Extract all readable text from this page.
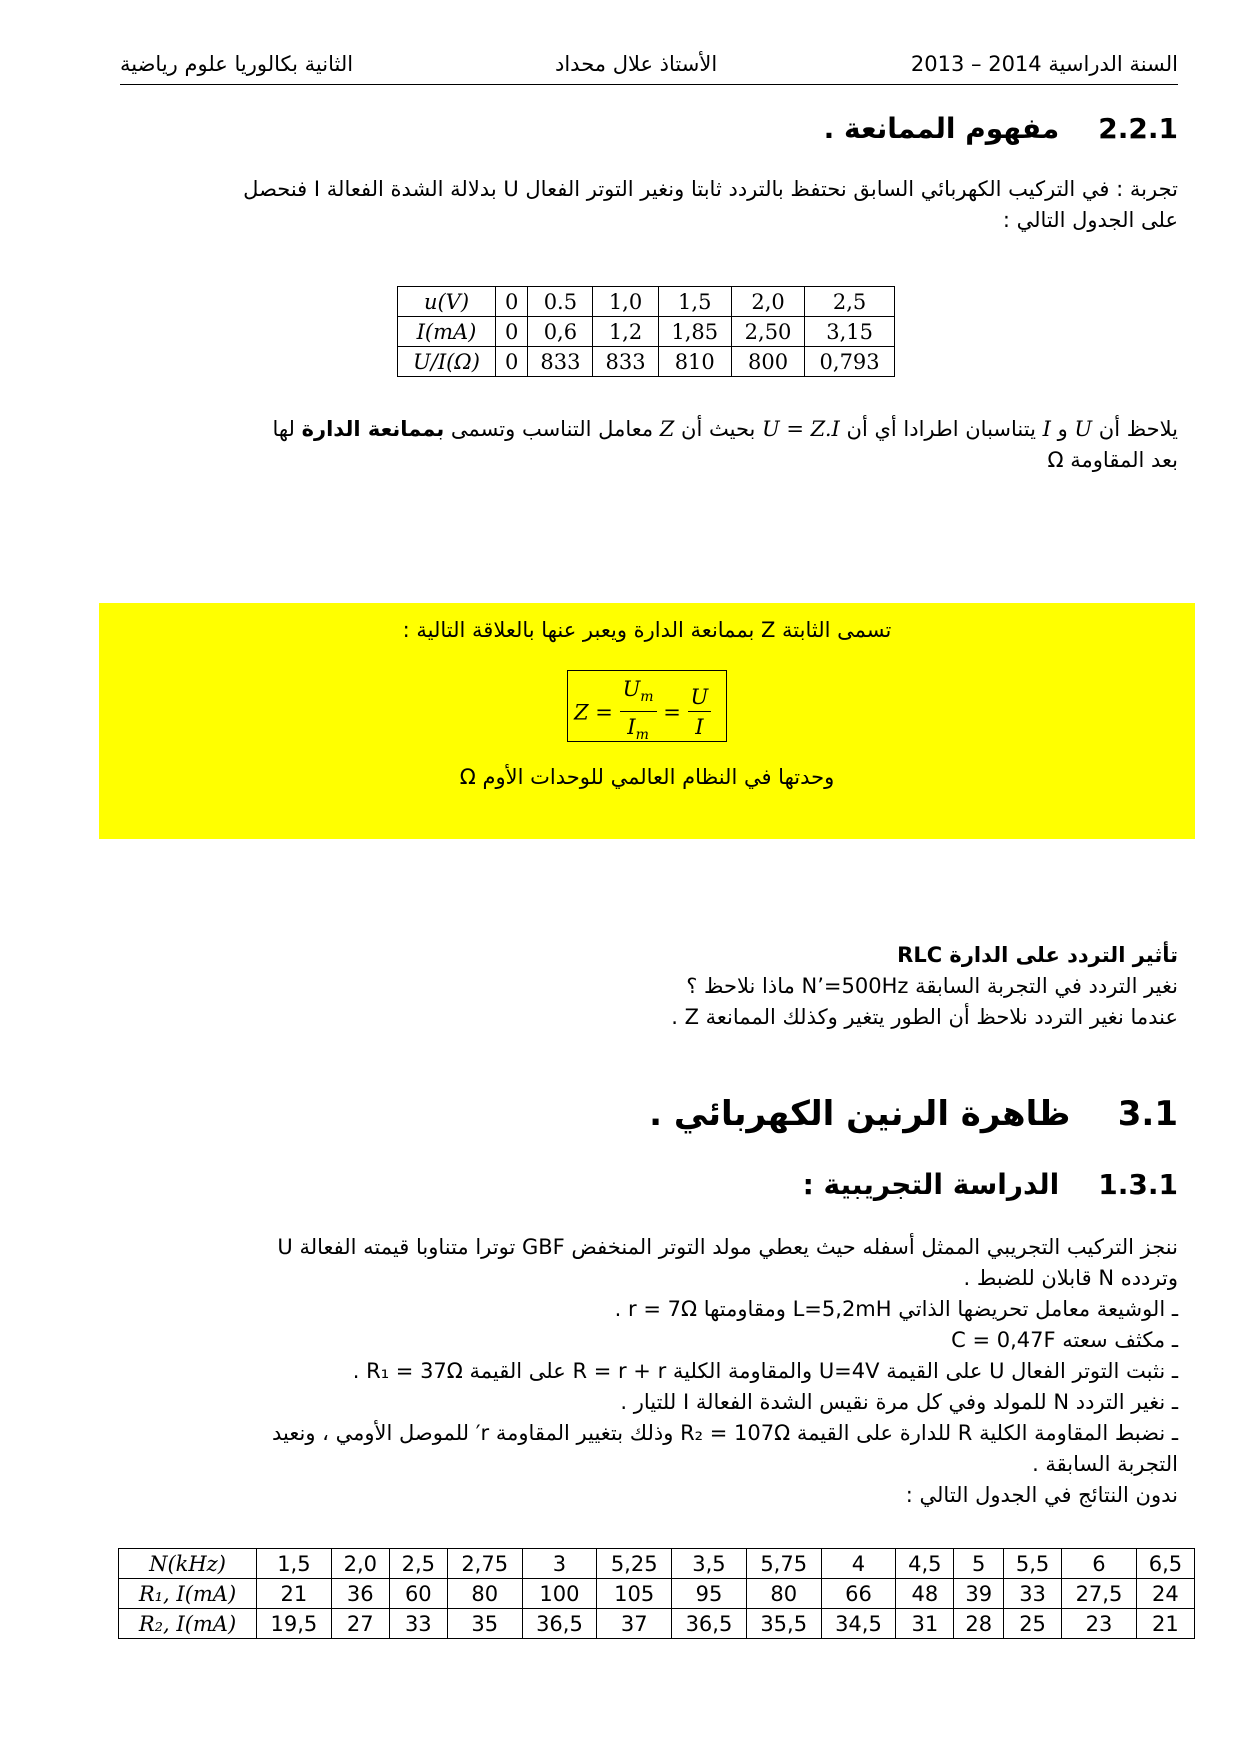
السنة الدراسية 2014 – 2013
الأستاذ علال محداد
الثانية بكالوريا علوم رياضية
2.2.1    مفهوم الممانعة .

تجربة : في التركيب الكهربائي السابق نحتفظ بالتردد ثابتا ونغير التوتر الفعال U بدلالة الشدة الفعالة I فنحصل

على الجدول التالي :

u(V)	0	0.5	1,0	1,5	2,0	2,5
I(mA)	0	0,6	1,2	1,85	2,50	3,15
U/I(Ω)	0	833	833	810	800	0,793

يلاحظ أن U و I يتناسبان اطرادا أي أن U = Z.I بحيث أن Z معامل التناسب وتسمى بممانعة الدارة لها

بعد المقاومة Ω

تسمى الثابتة Z بممانعة الدارة ويعبر عنها بالعلاقة التالية :
$Z = \frac{U_m}{I_m} = \frac{U}{I}$
وحدتها في النظام العالمي للوحدات الأوم Ω

تأثير التردد على الدارة RLC

نغير التردد في التجربة السابقة N’=500Hz ماذا نلاحظ ؟

عندما نغير التردد نلاحظ أن الطور يتغير وكذلك الممانعة Z .

3.1    ظاهرة الرنين الكهربائي .
1.3.1    الدراسة التجريبية :

ننجز التركيب التجريبي الممثل أسفله حيث يعطي مولد التوتر المنخفض GBF توترا متناوبا قيمته الفعالة U

وتردده N قابلان للضبط .

ـ الوشيعة معامل تحريضها الذاتي L=5,2mH ومقاومتها r = 7Ω .

ـ مكثف سعته C = 0,47F

ـ نثبت التوتر الفعال U على القيمة U=4V والمقاومة الكلية R = r + r على القيمة R₁ = 37Ω .

ـ نغير التردد N للمولد وفي كل مرة نقيس الشدة الفعالة I للتيار .

ـ نضبط المقاومة الكلية R للدارة على القيمة R₂ = 107Ω وذلك بتغيير المقاومة r′ للموصل الأومي ، ونعيد

التجربة السابقة .

ندون النتائج في الجدول التالي :

N(kHz)	1,5	2,0	2,5	2,75	3	5,25	3,5	5,75	4	4,5	5	5,5	6	6,5
R₁, I(mA)	21	36	60	80	100	105	95	80	66	48	39	33	27,5	24
R₂, I(mA)	19,5	27	33	35	36,5	37	36,5	35,5	34,5	31	28	25	23	21
